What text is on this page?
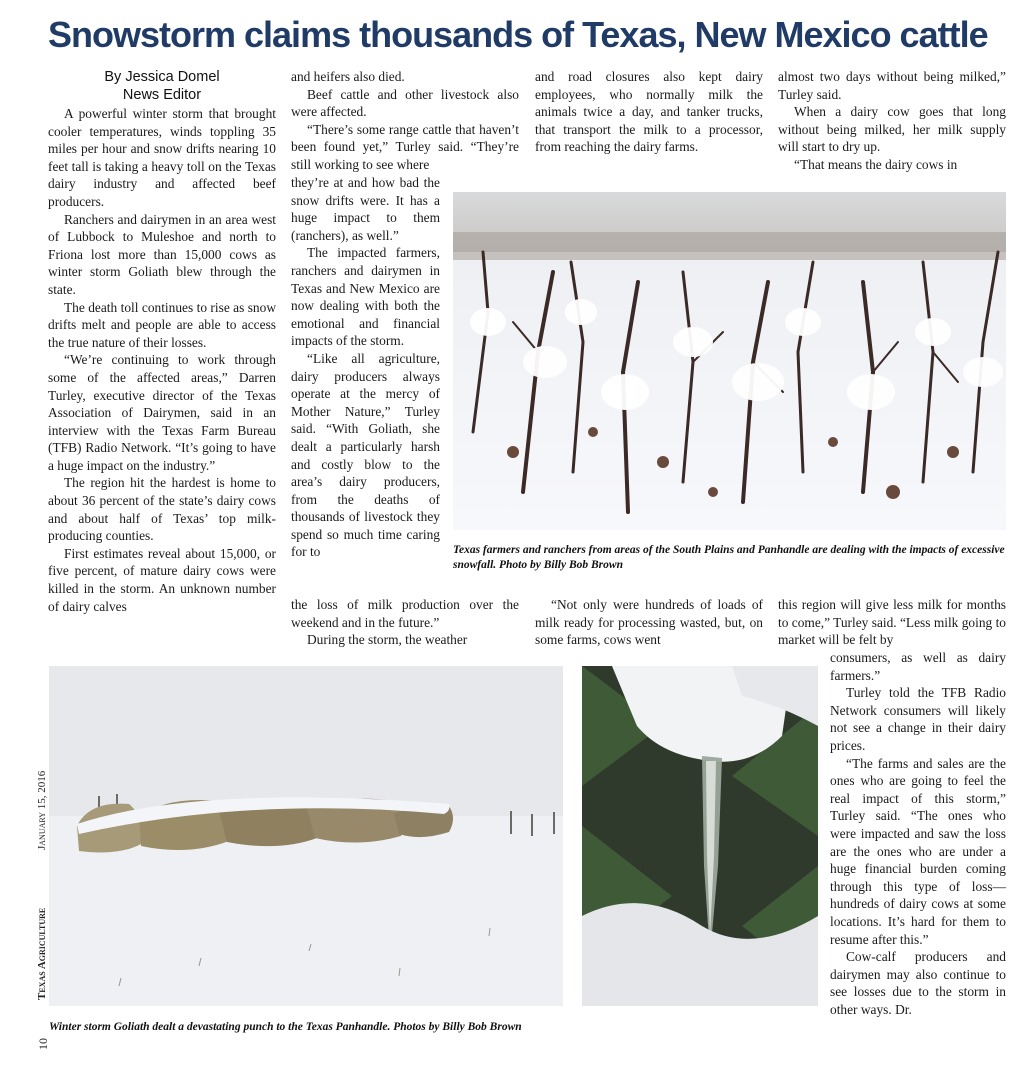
Snowstorm claims thousands of Texas, New Mexico cattle
By Jessica Domel
News Editor

A powerful winter storm that brought cooler temperatures, winds toppling 35 miles per hour and snow drifts nearing 10 feet tall is taking a heavy toll on the Texas dairy industry and affected beef producers.

Ranchers and dairymen in an area west of Lubbock to Muleshoe and north to Friona lost more than 15,000 cows as winter storm Goliath blew through the state.

The death toll continues to rise as snow drifts melt and people are able to access the true nature of their losses.

“We’re continuing to work through some of the affected areas,” Darren Turley, executive director of the Texas Association of Dairymen, said in an interview with the Texas Farm Bureau (TFB) Radio Network. “It’s going to have a huge impact on the industry.”

The region hit the hardest is home to about 36 percent of the state’s dairy cows and about half of Texas’ top milk-producing counties.

First estimates reveal about 15,000, or five percent, of mature dairy cows were killed in the storm. An unknown number of dairy calves

and heifers also died.

Beef cattle and other livestock also were affected.

“There’s some range cattle that haven’t been found yet,” Turley said. “They’re still working to see where

they’re at and how bad the snow drifts were. It has a huge impact to them (ranchers), as well.”

The impacted farmers, ranchers and dairymen in Texas and New Mexico are now dealing with both the emotional and financial impacts of the storm.

“Like all agriculture, dairy producers always operate at the mercy of Mother Nature,” Turley said. “With Goliath, she dealt a particularly harsh and costly blow to the area’s dairy producers, from the deaths of thousands of livestock they spend so much time caring for to

the loss of milk production over the weekend and in the future.”

During the storm, the weather

and road closures also kept dairy employees, who normally milk the animals twice a day, and tanker trucks, that transport the milk to a processor, from reaching the dairy farms.

“Not only were hundreds of loads of milk ready for processing wasted, but, on some farms, cows went

almost two days without being milked,” Turley said.

When a dairy cow goes that long without being milked, her milk supply will start to dry up.

“That means the dairy cows in

this region will give less milk for months to come,” Turley said. “Less milk going to market will be felt by

consumers, as well as dairy farmers.”

Turley told the TFB Radio Network consumers will likely not see a change in their dairy prices.

“The farms and sales are the ones who are going to feel the real impact of this storm,” Turley said. “The ones who were impacted and saw the loss are the ones who are under a huge financial burden coming through this type of loss—hundreds of dairy cows at some locations. It’s hard for them to resume after this.”

Cow-calf producers and dairymen may also continue to see losses due to the storm in other ways. Dr.

Texas farmers and ranchers from areas of the South Plains and Panhandle are dealing with the impacts of excessive snowfall. Photo by Billy Bob Brown
Winter storm Goliath dealt a devastating punch to the Texas Panhandle. Photos by Billy Bob Brown
January 15, 2016
Texas Agriculture
10
